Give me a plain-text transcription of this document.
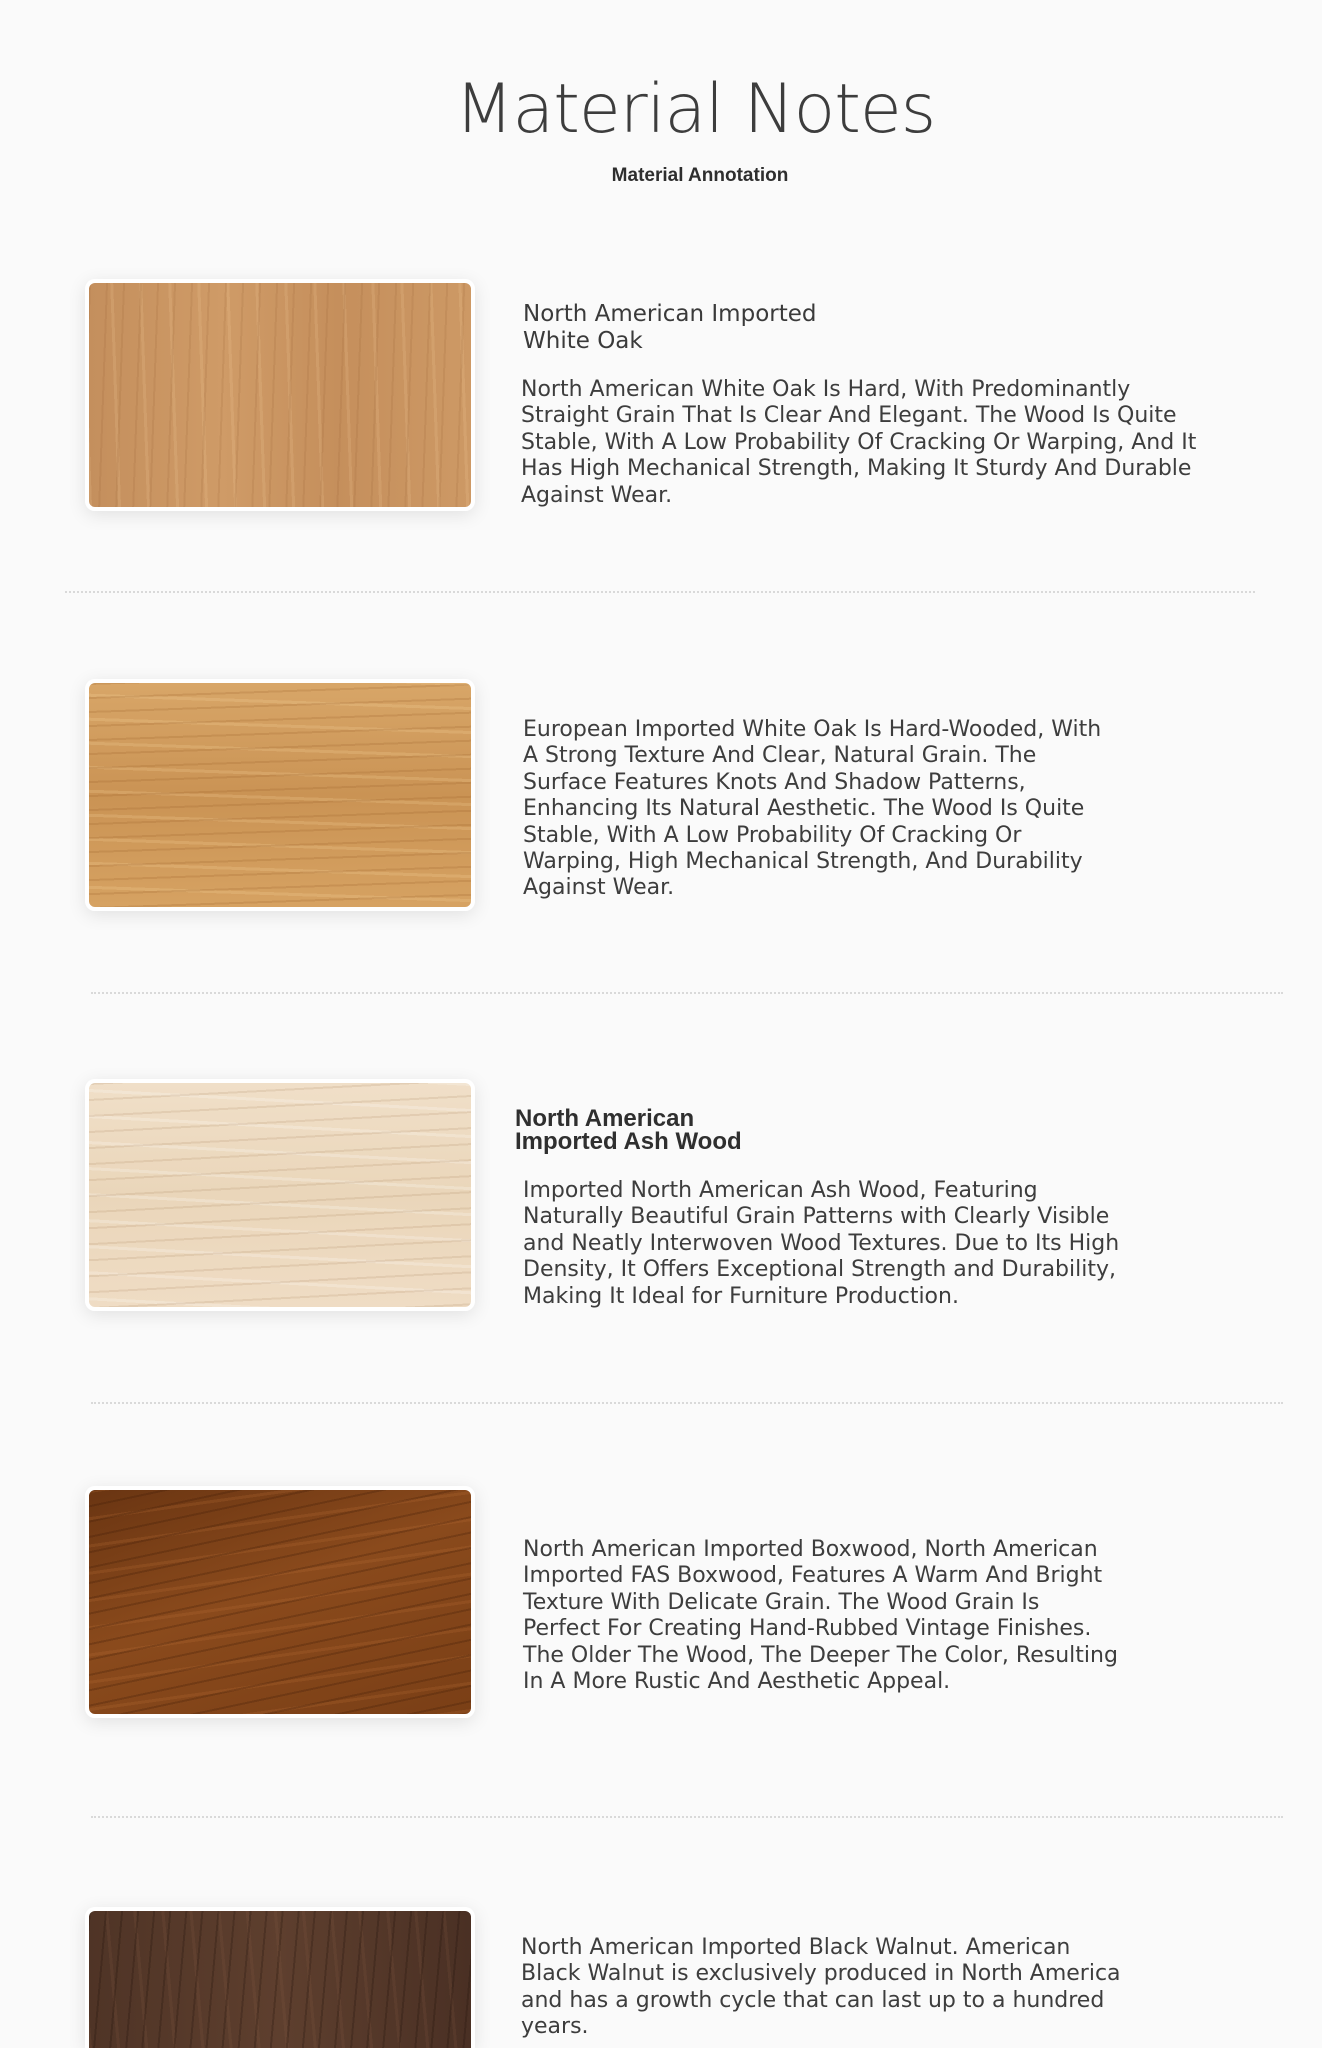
Material Notes
Material Annotation
North American Imported
White Oak
North American White Oak Is Hard, With Predominantly Straight Grain That Is Clear And Elegant. The Wood Is Quite Stable, With A Low Probability Of Cracking Or Warping, And It Has High Mechanical Strength, Making It Sturdy And Durable Against Wear.
European Imported White Oak Is Hard-Wooded, With A Strong Texture And Clear, Natural Grain. The Surface Features Knots And Shadow Patterns, Enhancing Its Natural Aesthetic. The Wood Is Quite Stable, With A Low Probability Of Cracking Or Warping, High Mechanical Strength, And Durability Against Wear.
North American
Imported Ash Wood
Imported North American Ash Wood, Featuring Naturally Beautiful Grain Patterns with Clearly Visible and Neatly Interwoven Wood Textures. Due to Its High Density, It Offers Exceptional Strength and Durability, Making It Ideal for Furniture Production.
North American Imported Boxwood, North American Imported FAS Boxwood, Features A Warm And Bright Texture With Delicate Grain. The Wood Grain Is Perfect For Creating Hand-Rubbed Vintage Finishes. The Older The Wood, The Deeper The Color, Resulting In A More Rustic And Aesthetic Appeal.
North American Imported Black Walnut. American Black Walnut is exclusively produced in North America and has a growth cycle that can last up to a hundred years.
